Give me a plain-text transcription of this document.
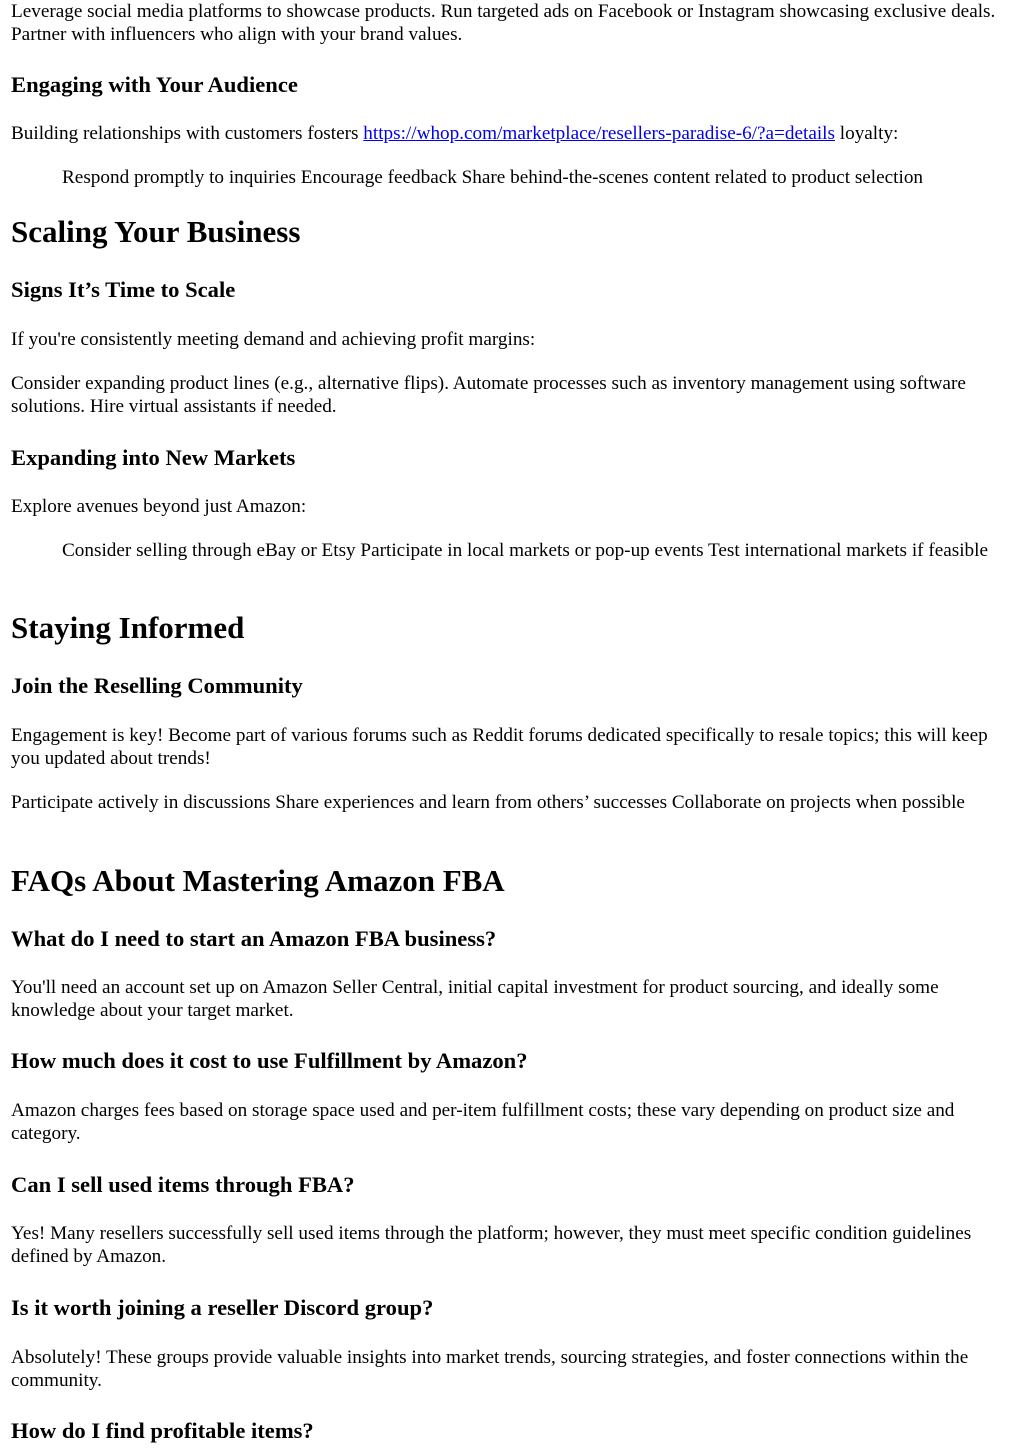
Leverage social media platforms to showcase products. Run targeted ads on Facebook or Instagram showcasing exclusive deals. Partner with influencers who align with your brand values.

Engaging with Your Audience

Building relationships with customers fosters https://whop.com/marketplace/resellers-paradise-6/?a=details loyalty:

Respond promptly to inquiries Encourage feedback Share behind-the-scenes content related to product selection

Scaling Your Business
Signs It’s Time to Scale

If you're consistently meeting demand and achieving profit margins:

Consider expanding product lines (e.g., alternative flips). Automate processes such as inventory management using software solutions. Hire virtual assistants if needed.

Expanding into New Markets

Explore avenues beyond just Amazon:

Consider selling through eBay or Etsy Participate in local markets or pop-up events Test international markets if feasible

Staying Informed
Join the Reselling Community

Engagement is key! Become part of various forums such as Reddit forums dedicated specifically to resale topics; this will keep you updated about trends!

Participate actively in discussions Share experiences and learn from others’ successes Collaborate on projects when possible

FAQs About Mastering Amazon FBA
What do I need to start an Amazon FBA business?

You'll need an account set up on Amazon Seller Central, initial capital investment for product sourcing, and ideally some knowledge about your target market.

How much does it cost to use Fulfillment by Amazon?

Amazon charges fees based on storage space used and per-item fulfillment costs; these vary depending on product size and category.

Can I sell used items through FBA?

Yes! Many resellers successfully sell used items through the platform; however, they must meet specific condition guidelines defined by Amazon.

Is it worth joining a reseller Discord group?

Absolutely! These groups provide valuable insights into market trends, sourcing strategies, and foster connections within the community.

How do I find profitable items?
